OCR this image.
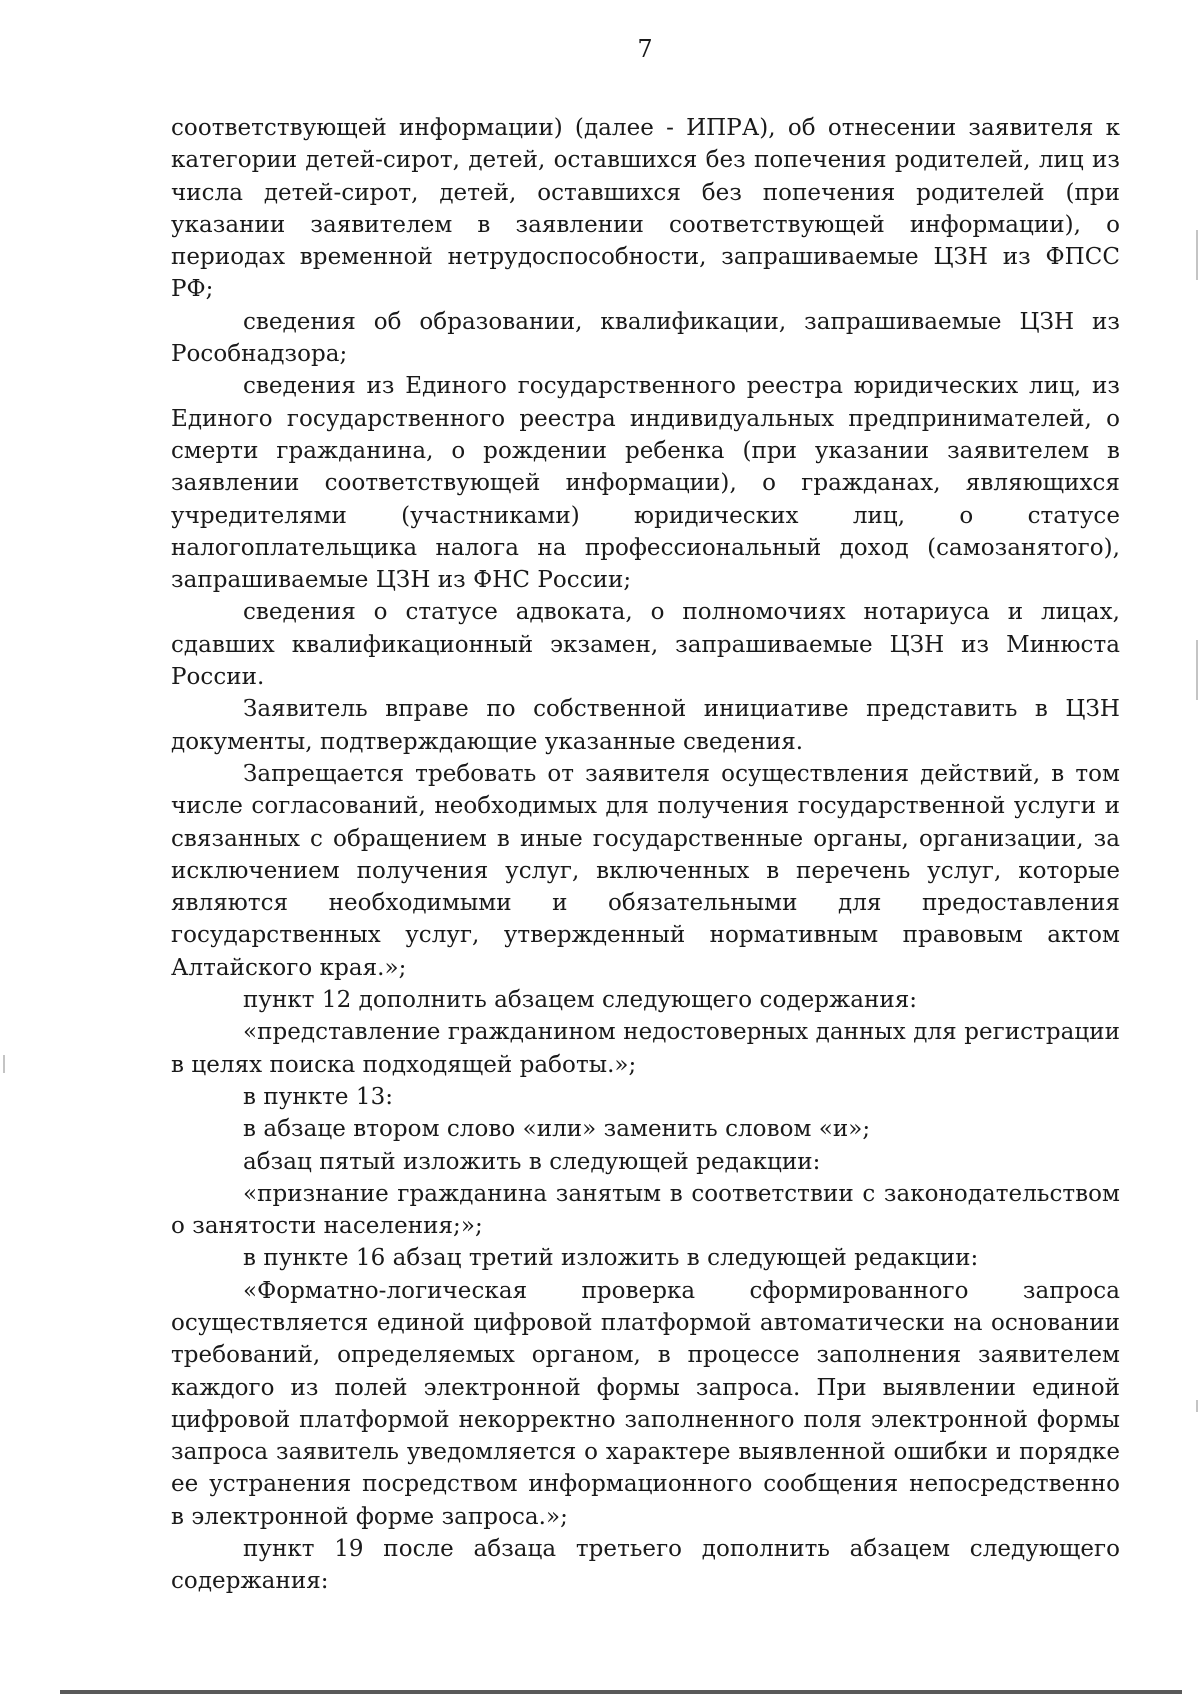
7

соответствующей информации) (далее - ИПРА), об отнесении заявителя к категории детей-сирот, детей, оставшихся без попечения родителей, лиц из числа детей-сирот, детей, оставшихся без попечения родителей (при указании заявителем в заявлении соответствующей информации), о периодах временной нетрудоспособности, запрашиваемые ЦЗН из ФПСС РФ;

сведения об образовании, квалификации, запрашиваемые ЦЗН из Рособнадзора;

сведения из Единого государственного реестра юридических лиц, из Единого государственного реестра индивидуальных предпринимателей, о смерти гражданина, о рождении ребенка (при указании заявителем в заявлении соответствующей информации), о гражданах, являющихся учредителями (участниками) юридических лиц, о статусе налогоплательщика налога на профессиональный доход (самозанятого), запрашиваемые ЦЗН из ФНС России;

сведения о статусе адвоката, о полномочиях нотариуса и лицах, сдавших квалификационный экзамен, запрашиваемые ЦЗН из Минюста России.

Заявитель вправе по собственной инициативе представить в ЦЗН документы, подтверждающие указанные сведения.

Запрещается требовать от заявителя осуществления действий, в том числе согласований, необходимых для получения государственной услуги и связанных с обращением в иные государственные органы, организации, за исключением получения услуг, включенных в перечень услуг, которые являются необходимыми и обязательными для предоставления государственных услуг, утвержденный нормативным правовым актом Алтайского края.»;

пункт 12 дополнить абзацем следующего содержания:

«представление гражданином недостоверных данных для регистрации в целях поиска подходящей работы.»;

в пункте 13:

в абзаце втором слово «или» заменить словом «и»;

абзац пятый изложить в следующей редакции:

«признание гражданина занятым в соответствии с законодательством о занятости населения;»;

в пункте 16 абзац третий изложить в следующей редакции:

«Форматно-логическая проверка сформированного запроса осуществляется единой цифровой платформой автоматически на основании требований, определяемых органом, в процессе заполнения заявителем каждого из полей электронной формы запроса. При выявлении единой цифровой платформой некорректно заполненного поля электронной формы запроса заявитель уведомляется о характере выявленной ошибки и порядке ее устранения посредством информационного сообщения непосредственно в электронной форме запроса.»;

пункт 19 после абзаца третьего дополнить абзацем следующего содержания:
